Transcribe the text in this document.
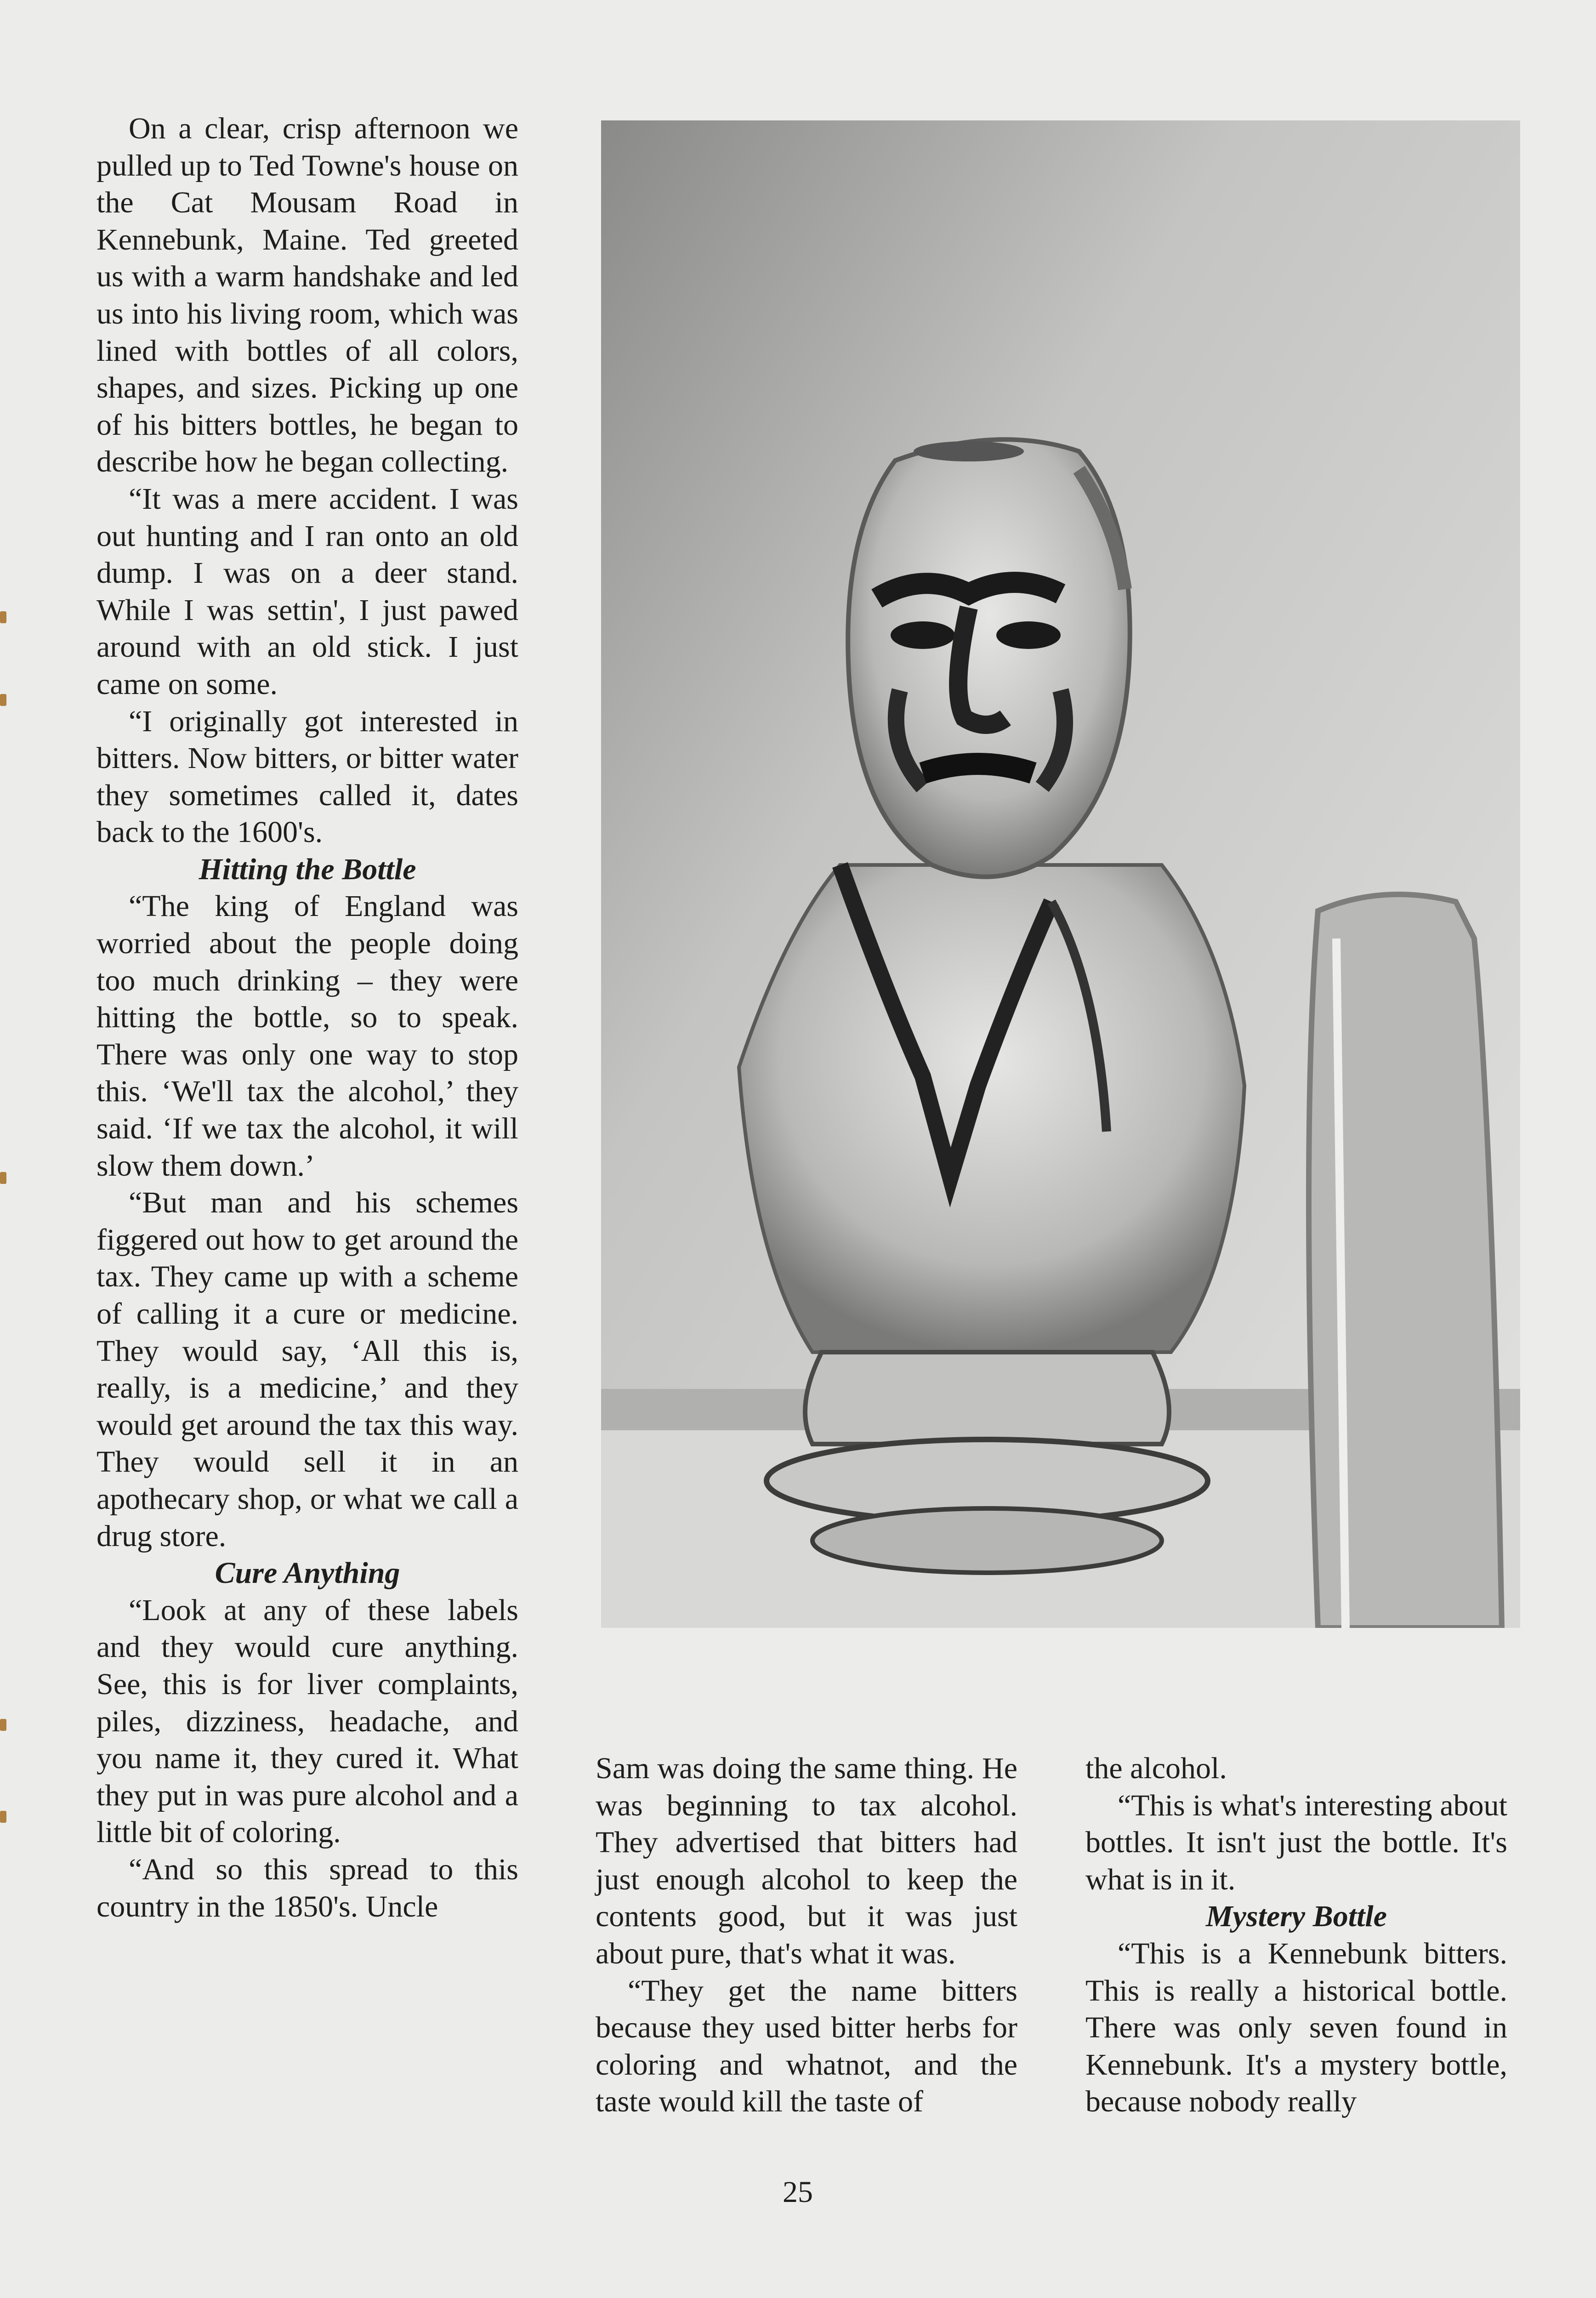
On a clear, crisp afternoon we pulled up to Ted Towne's house on the Cat Mousam Road in Kennebunk, Maine. Ted greeted us with a warm handshake and led us into his living room, which was lined with bottles of all colors, shapes, and sizes. Picking up one of his bitters bottles, he began to describe how he began collecting.

“It was a mere accident. I was out hunting and I ran onto an old dump. I was on a deer stand. While I was settin', I just pawed around with an old stick. I just came on some.

“I originally got interested in bitters. Now bitters, or bitter water they sometimes called it, dates back to the 1600's.

Hitting the Bottle

“The king of England was worried about the people doing too much drinking – they were hitting the bottle, so to speak. There was only one way to stop this. ‘We'll tax the alcohol,’ they said. ‘If we tax the alcohol, it will slow them down.’

“But man and his schemes figgered out how to get around the tax. They came up with a scheme of calling it a cure or medicine. They would say, ‘All this is, really, is a medicine,’ and they would get around the tax this way. They would sell it in an apothecary shop, or what we call a drug store.

Cure Anything

“Look at any of these labels and they would cure anything. See, this is for liver complaints, piles, dizziness, headache, and you name it, they cured it. What they put in was pure alcohol and a little bit of coloring.

“And so this spread to this country in the 1850's. Uncle

Sam was doing the same thing. He was beginning to tax alcohol. They advertised that bitters had just enough alcohol to keep the contents good, but it was just about pure, that's what it was.

“They get the name bitters because they used bitter herbs for coloring and whatnot, and the taste would kill the taste of

the alcohol.

“This is what's interesting about bottles. It isn't just the bottle. It's what is in it.

Mystery Bottle

“This is a Kennebunk bitters. This is really a historical bottle. There was only seven found in Kennebunk. It's a mystery bottle, because nobody really

25
